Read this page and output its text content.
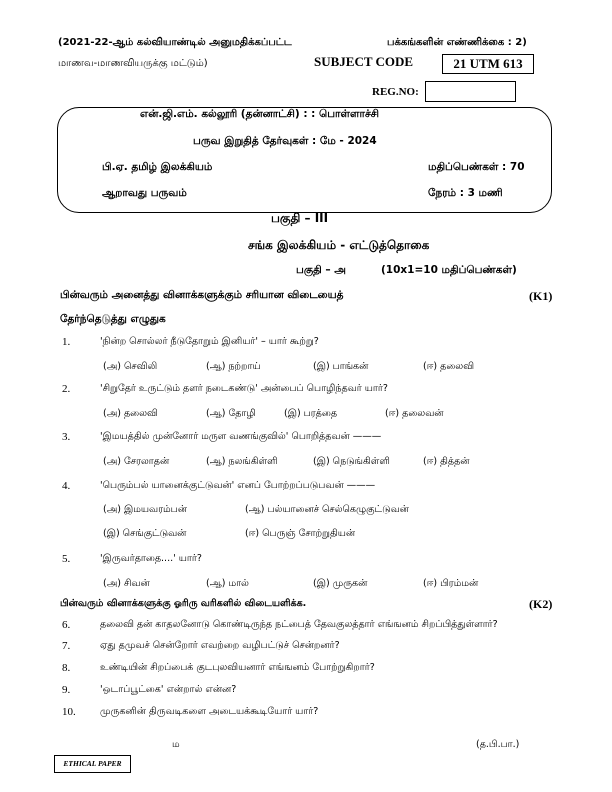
(2021-22-ஆம் கல்வியாண்டில் அனுமதிக்கப்பட்ட	பக்கங்களின் எண்ணிக்கை : 2)
மாணவ-மாணவியருக்கு மட்டும்)	SUBJECT CODE	21 UTM 613
REG.NO:
என்.ஜி.எம். கல்லூரி (தன்னாட்சி) : : பொள்ளாச்சி
பருவ இறுதித் தேர்வுகள் : மே - 2024
பி.ஏ. தமிழ் இலக்கியம்	மதிப்பெண்கள் : 70
ஆறாவது பருவம்	நேரம் : 3 மணி
பகுதி – III
சங்க இலக்கியம் - எட்டுத்தொகை
பகுதி – அ	(10x1=10 மதிப்பெண்கள்)
பின்வரும் அனைத்து வினாக்களுக்கும் சரியான விடையைத்	(K1)
தேர்ந்தெடுத்து எழுதுக
1.	'நின்ற சொல்லர் நீடுதோறும் இனியர்' – யார் கூற்று?
(அ) செவிலி	(ஆ) நற்றாய்	(இ) பாங்கன்	(ஈ) தலைவி
2.	'சிறுதேர் உருட்டும் தளர் நடைகண்டு' அன்பைப் பொழிந்தவர் யார்?
(அ) தலைவி	(ஆ) தோழி	(இ) பரத்தை	(ஈ) தலைவன்
3.	'இமயத்தில் முன்னோர் மருள வணங்குவில்' பொறித்தவன் ———
(அ) சேரலாதன்	(ஆ) நலங்கிள்ளி	(இ) நெடுங்கிள்ளி	(ஈ) தித்தன்
4.	'பெரும்பல் யானைக்குட்டுவன்' எனப் போற்றப்படுபவன் ———
(அ) இமயவரம்பன்	(ஆ) பல்யானைச் செல்கெழுகுட்டுவன்
(இ) செங்குட்டுவன்	(ஈ) பெருஞ் சோற்றுதியன்
5.	'இருவர்தாதை....' யார்?
(அ) சிவன்	(ஆ) மால்	(இ) முருகன்	(ஈ) பிரம்மன்
பின்வரும் வினாக்களுக்கு ஓரிரு வரிகளில் விடையளிக்க.	(K2)
6.	தலைவி தன் காதலனோடு கொண்டிருந்த நட்பைத் தேவகுலத்தார் எங்ஙனம் சிறப்பித்துள்ளார்?
7.	ஏது தமுவச் சென்றோர் எவற்றை வழிபட்டுச் சென்றனர்?
8.	உண்டியின் சிறப்பைக் குடபுலவியனார் எங்ஙனம் போற்றுகிறார்?
9.	'ஒடாப்பூட்கை' என்றால் என்ன?
10.	முருகனின் திருவடிகளை அடையக்கூடியோர் யார்?
ம	(த.பி.பா.)
ETHICAL PAPER
